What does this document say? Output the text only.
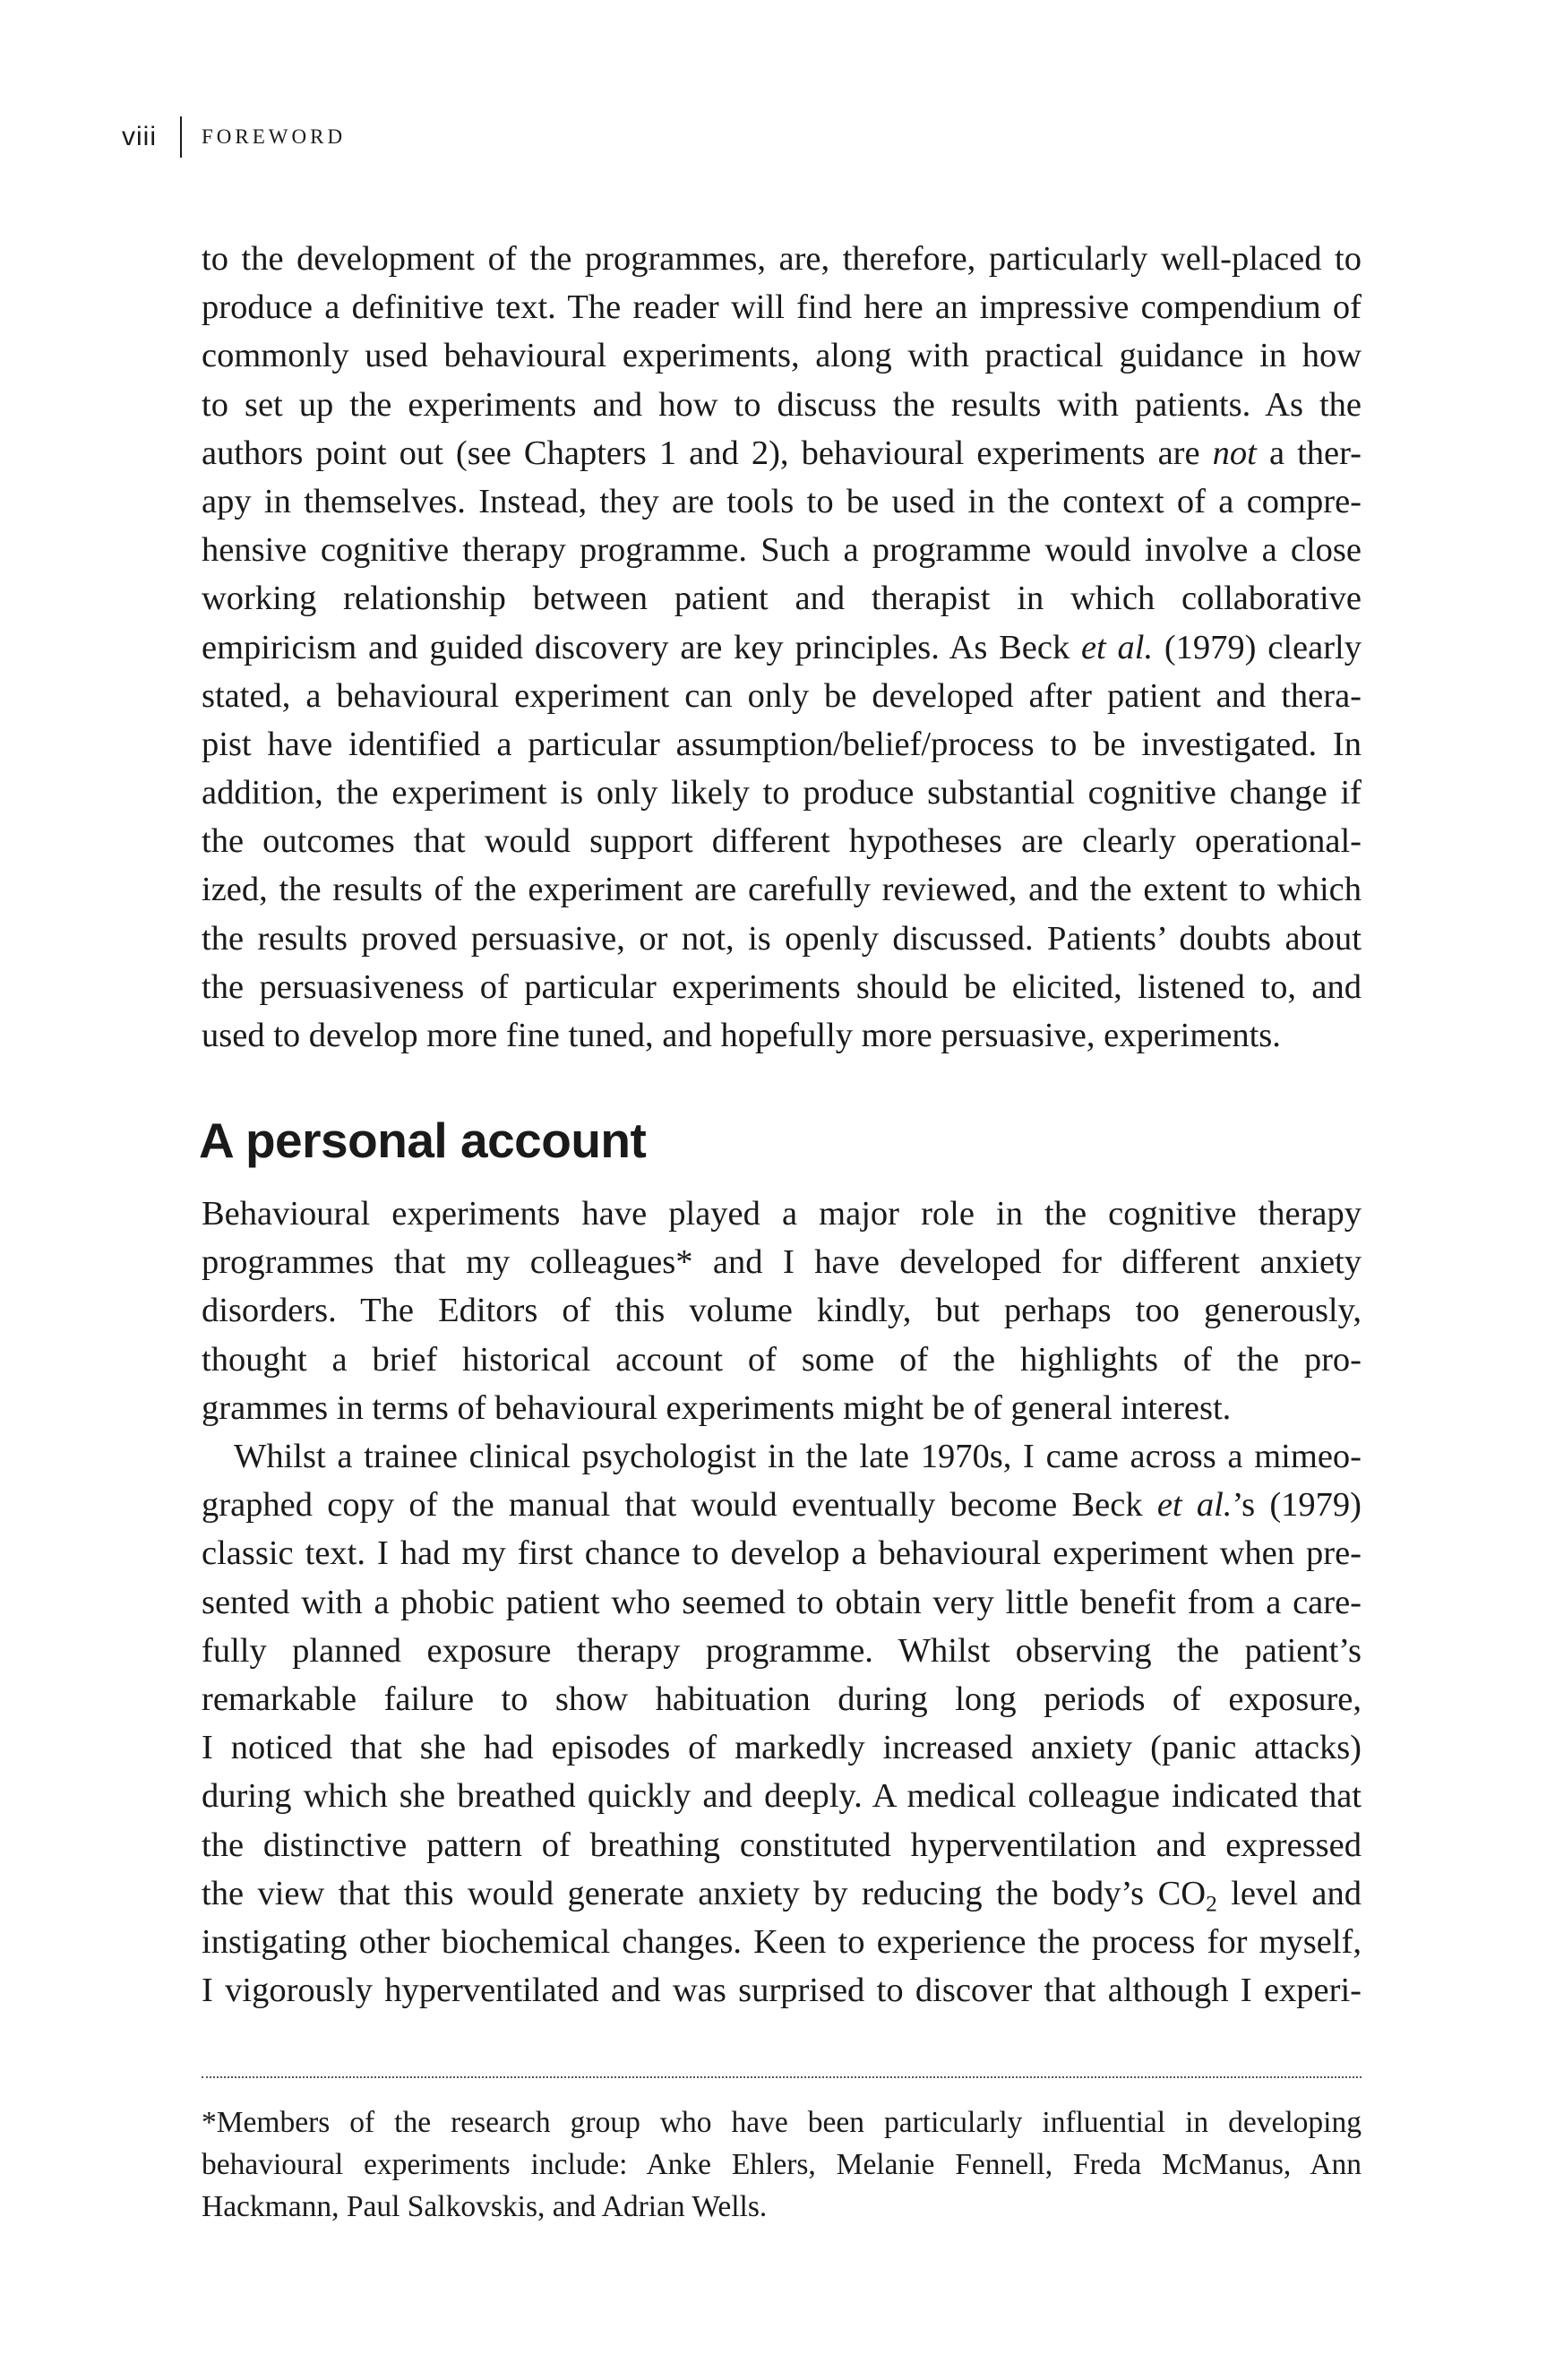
viii	FOREWORD
to the development of the programmes, are, therefore, particularly well-placed to
produce a definitive text. The reader will find here an impressive compendium of
commonly used behavioural experiments, along with practical guidance in how
to set up the experiments and how to discuss the results with patients. As the
authors point out (see Chapters 1 and 2), behavioural experiments are not a ther-
apy in themselves. Instead, they are tools to be used in the context of a compre-
hensive cognitive therapy programme. Such a programme would involve a close
working relationship between patient and therapist in which collaborative
empiricism and guided discovery are key principles. As Beck et al. (1979) clearly
stated, a behavioural experiment can only be developed after patient and thera-
pist have identified a particular assumption/belief/process to be investigated. In
addition, the experiment is only likely to produce substantial cognitive change if
the outcomes that would support different hypotheses are clearly operational-
ized, the results of the experiment are carefully reviewed, and the extent to which
the results proved persuasive, or not, is openly discussed. Patients’ doubts about
the persuasiveness of particular experiments should be elicited, listened to, and
used to develop more fine tuned, and hopefully more persuasive, experiments.
A personal account
Behavioural experiments have played a major role in the cognitive therapy
programmes that my colleagues* and I have developed for different anxiety
disorders. The Editors of this volume kindly, but perhaps too generously,
thought a brief historical account of some of the highlights of the pro-
grammes in terms of behavioural experiments might be of general interest.
Whilst a trainee clinical psychologist in the late 1970s, I came across a mimeo-
graphed copy of the manual that would eventually become Beck et al.’s (1979)
classic text. I had my first chance to develop a behavioural experiment when pre-
sented with a phobic patient who seemed to obtain very little benefit from a care-
fully planned exposure therapy programme. Whilst observing the patient’s
remarkable failure to show habituation during long periods of exposure,
I noticed that she had episodes of markedly increased anxiety (panic attacks)
during which she breathed quickly and deeply. A medical colleague indicated that
the distinctive pattern of breathing constituted hyperventilation and expressed
the view that this would generate anxiety by reducing the body’s $CO_2$ level and
instigating other biochemical changes. Keen to experience the process for myself,
I vigorously hyperventilated and was surprised to discover that although I experi-
*Members of the research group who have been particularly influential in developing
behavioural experiments include: Anke Ehlers, Melanie Fennell, Freda McManus, Ann
Hackmann, Paul Salkovskis, and Adrian Wells.
